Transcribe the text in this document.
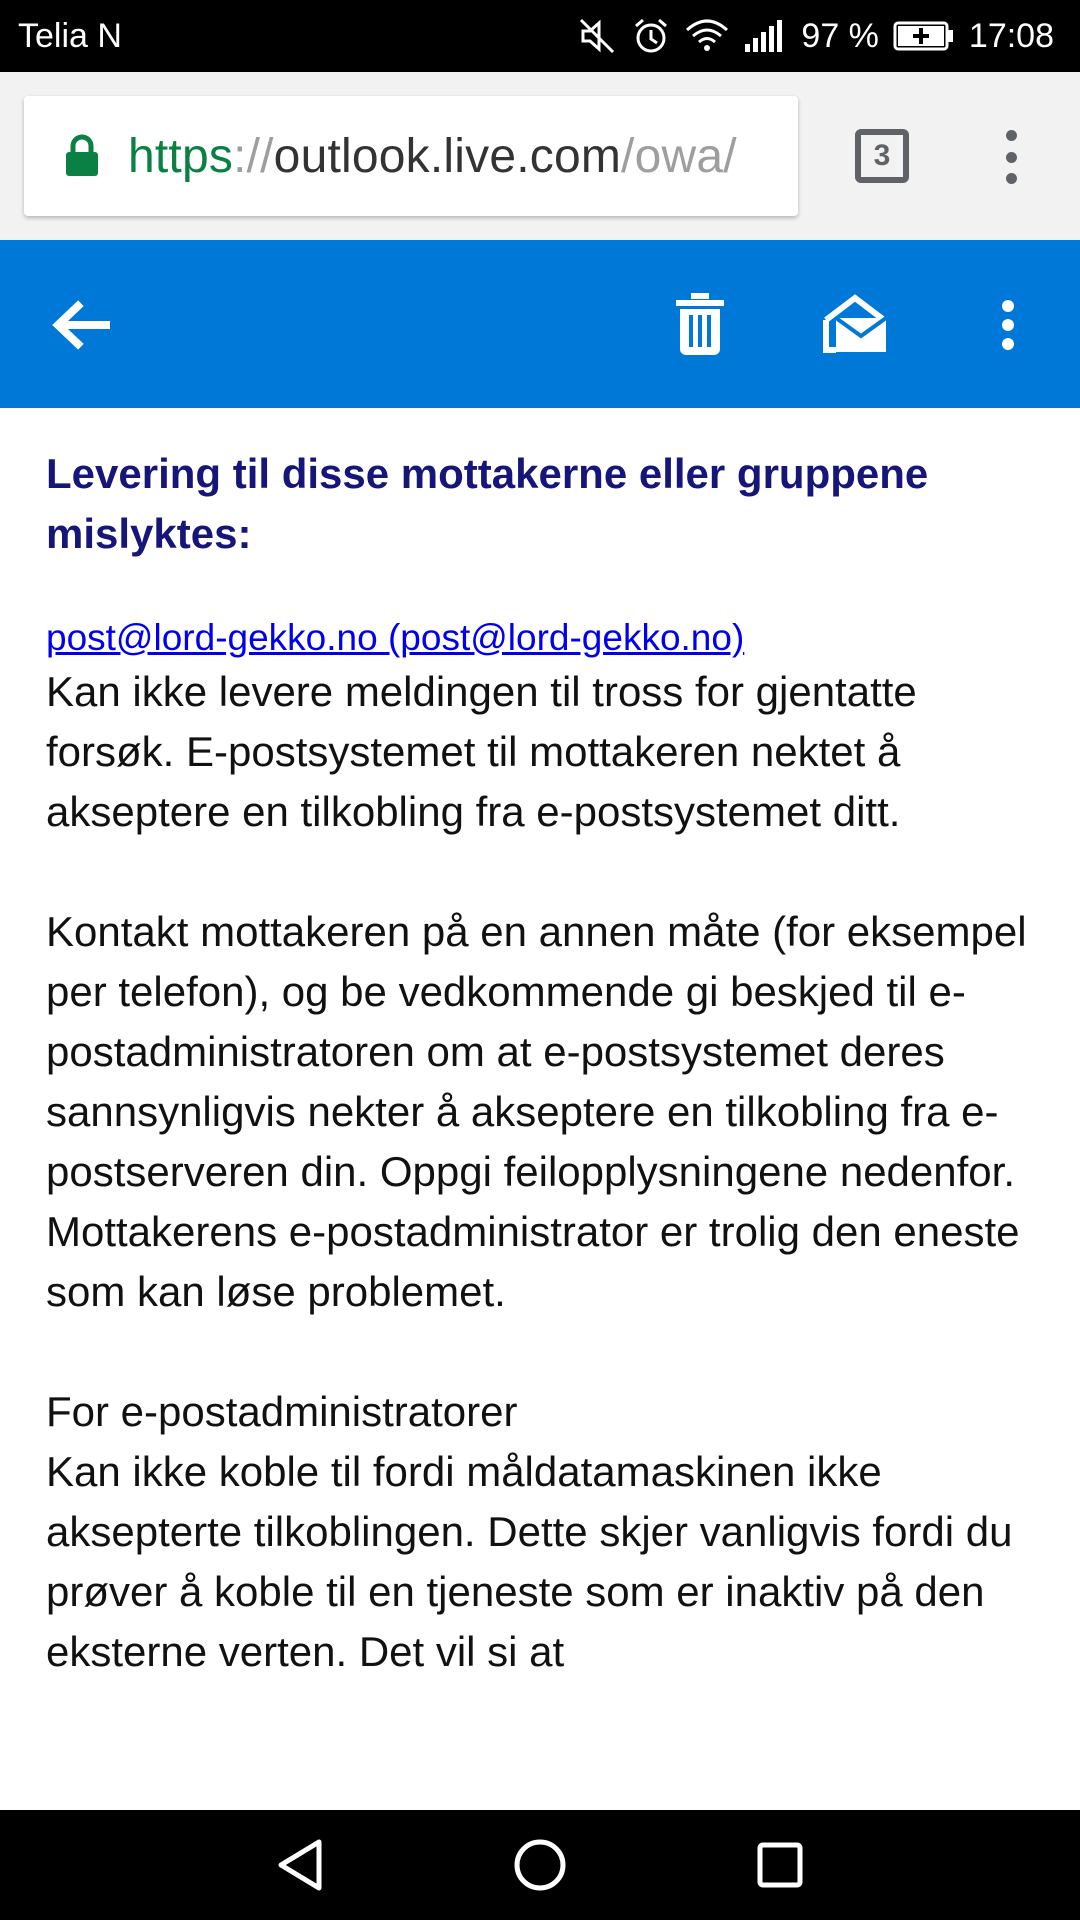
Telia N	97 %	17:08
https://outlook.live.com/owa/	3
Levering til disse mottakerne eller gruppene mislyktes:
post@lord-gekko.no (post@lord-gekko.no)

Kan ikke levere meldingen til tross for gjentatte forsøk. E-postsystemet til mottakeren nektet å akseptere en tilkobling fra e-postsystemet ditt.

Kontakt mottakeren på en annen måte (for eksempel per telefon), og be vedkommende gi beskjed til e-postadministratoren om at e-postsystemet deres sannsynligvis nekter å akseptere en tilkobling fra e-postserveren din. Oppgi feilopplysningene nedenfor. Mottakerens e-postadministrator er trolig den eneste som kan løse problemet.

For e-postadministratorer

Kan ikke koble til fordi måldatamaskinen ikke aksepterte tilkoblingen. Dette skjer vanligvis fordi du prøver å koble til en tjeneste som er inaktiv på den eksterne verten. Det vil si at
